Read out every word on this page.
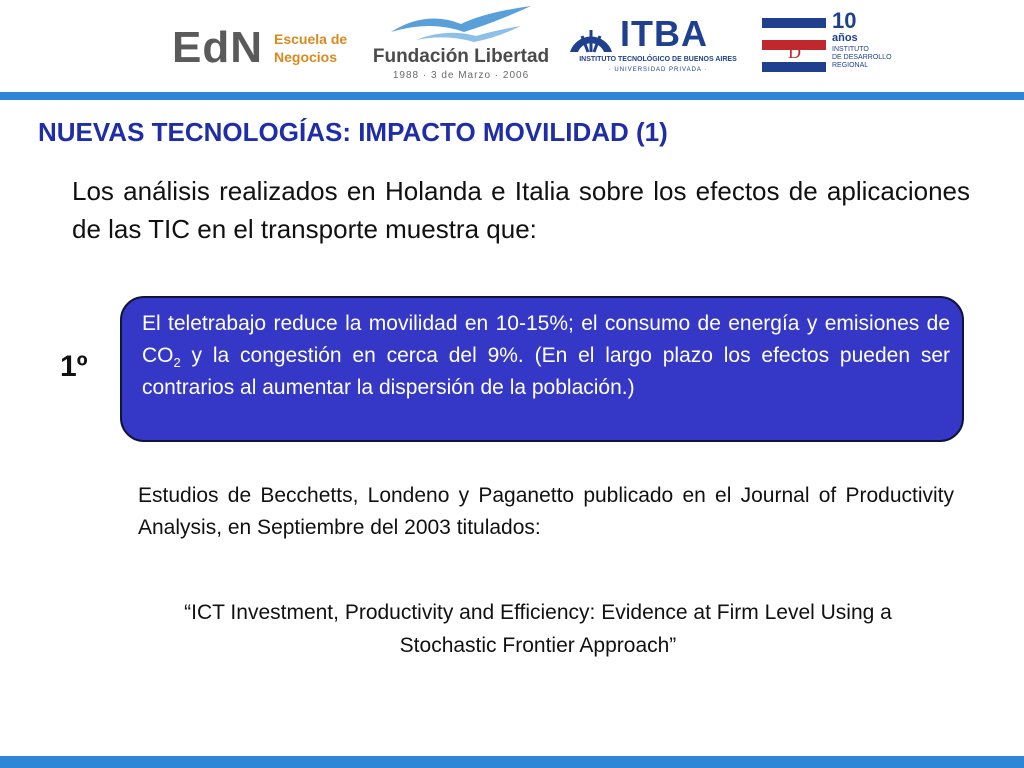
EdN Escuela de
Negocios	Fundación Libertad
1988 · 3 de Marzo · 2006
ITBA
INSTITUTO TECNOLÓGICO DE BUENOS AIRES
· UNIVERSIDAD PRIVADA ·
D
10
años
INSTITUTO
DE DESARROLLO
REGIONAL
NUEVAS TECNOLOGÍAS: IMPACTO MOVILIDAD (1)

Los análisis realizados en Holanda e Italia sobre los efectos de aplicaciones de las TIC en el transporte muestra que:

1º

El teletrabajo reduce la movilidad en 10-15%; el consumo de energía y emisiones de $CO_2$ y la congestión en cerca del 9%. (En el largo plazo los efectos pueden ser contrarios al aumentar la dispersión de la población.)

Estudios de Becchetts, Londeno y Paganetto publicado en el Journal of Productivity Analysis, en Septiembre del 2003 titulados:

“ICT Investment, Productivity and Efficiency: Evidence at Firm Level Using a Stochastic Frontier Approach”
